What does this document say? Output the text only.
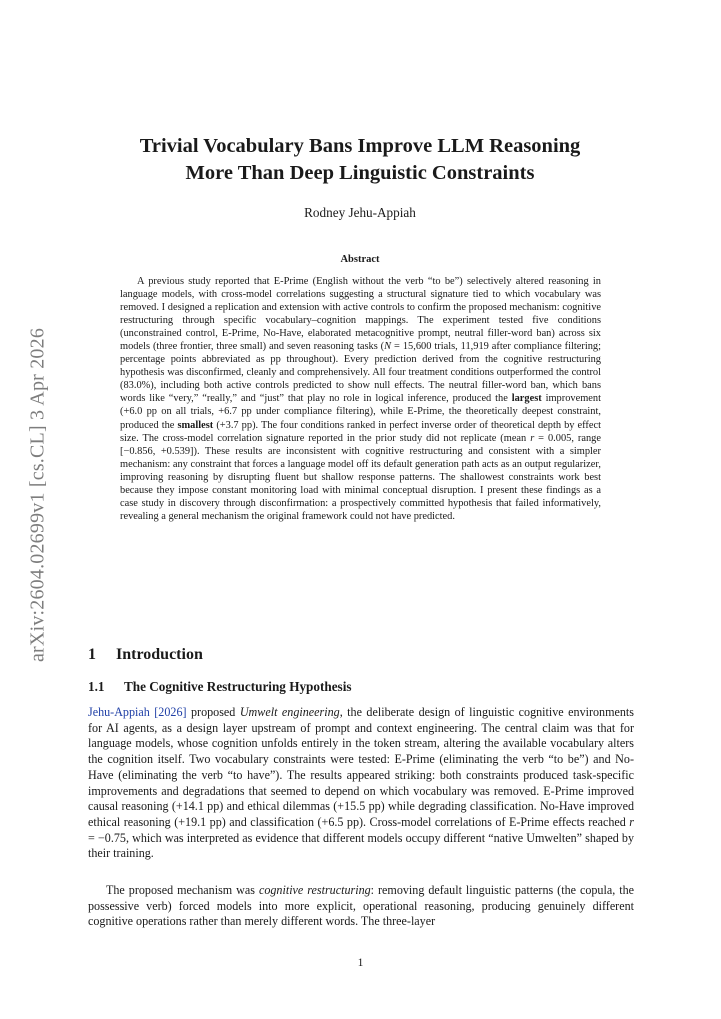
arXiv:2604.02699v1 [cs.CL] 3 Apr 2026
Trivial Vocabulary Bans Improve LLM Reasoning
More Than Deep Linguistic Constraints
Rodney Jehu-Appiah
Abstract

A previous study reported that E-Prime (English without the verb “to be”) selectively altered reasoning in language models, with cross-model correlations suggesting a structural signature tied to which vocabulary was removed. I designed a replication and extension with active controls to confirm the proposed mechanism: cognitive restructuring through specific vocabulary–cognition mappings. The experiment tested five conditions (unconstrained control, E-Prime, No-Have, elaborated metacognitive prompt, neutral filler-word ban) across six models (three frontier, three small) and seven reasoning tasks (N = 15,600 trials, 11,919 after compliance filtering; percentage points abbreviated as pp throughout). Every prediction derived from the cognitive restructuring hypothesis was disconfirmed, cleanly and comprehensively. All four treatment conditions outperformed the control (83.0%), including both active controls predicted to show null effects. The neutral filler-word ban, which bans words like “very,” “really,” and “just” that play no role in logical inference, produced the largest improvement (+6.0 pp on all trials, +6.7 pp under compliance filtering), while E-Prime, the theoretically deepest constraint, produced the smallest (+3.7 pp). The four conditions ranked in perfect inverse order of theoretical depth by effect size. The cross-model correlation signature reported in the prior study did not replicate (mean r = 0.005, range [−0.856, +0.539]). These results are inconsistent with cognitive restructuring and consistent with a simpler mechanism: any constraint that forces a language model off its default generation path acts as an output regularizer, improving reasoning by disrupting fluent but shallow response patterns. The shallowest constraints work best because they impose constant monitoring load with minimal conceptual disruption. I present these findings as a case study in discovery through disconfirmation: a prospectively committed hypothesis that failed informatively, revealing a general mechanism the original framework could not have predicted.

1 Introduction
1.1 The Cognitive Restructuring Hypothesis

Jehu-Appiah [2026] proposed Umwelt engineering, the deliberate design of linguistic cognitive environments for AI agents, as a design layer upstream of prompt and context engineering. The central claim was that for language models, whose cognition unfolds entirely in the token stream, altering the available vocabulary alters the cognition itself. Two vocabulary constraints were tested: E-Prime (eliminating the verb “to be”) and No-Have (eliminating the verb “to have”). The results appeared striking: both constraints produced task-specific improvements and degradations that seemed to depend on which vocabulary was removed. E-Prime improved causal reasoning (+14.1 pp) and ethical dilemmas (+15.5 pp) while degrading classification. No-Have improved ethical reasoning (+19.1 pp) and classification (+6.5 pp). Cross-model correlations of E-Prime effects reached r = −0.75, which was interpreted as evidence that different models occupy different “native Umwelten” shaped by their training.

The proposed mechanism was cognitive restructuring: removing default linguistic patterns (the copula, the possessive verb) forced models into more explicit, operational reasoning, producing genuinely different cognitive operations rather than merely different words. The three-layer

1
